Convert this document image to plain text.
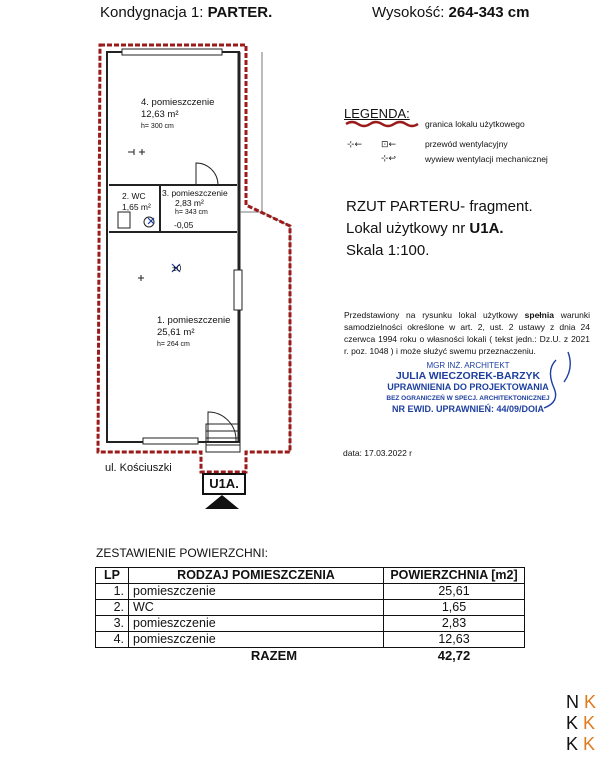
Kondygnacja 1: PARTER.	Wysokość: 264-343 cm
⊹← ⊡←
⊹↩
4. pomieszczenie
12,63 m²
h= 300 cm
3. pomieszczenie
2,83 m²
h= 343 cm
2. WC
1,65 m²
-0,05
±0
1. pomieszczenie
25,61 m²
h= 264 cm
ul. Kościuszki
U1A.
LEGENDA:
granica lokalu użytkowego
przewód wentylacyjny
wywiew wentylacji mechanicznej
RZUT PARTERU- fragment.
Lokal użytkowy nr U1A.
Skala 1:100.
Przedstawiony na rysunku lokal użytkowy spełnia warunki samodzielności określone w art. 2, ust. 2 ustawy z dnia 24 czerwca 1994 roku o własności lokali ( tekst jedn.: Dz.U. z 2021 r. poz. 1048 ) i może służyć swemu przeznaczeniu.
MGR INŻ. ARCHITEKT
JULIA WIECZOREK-BARZYK
UPRAWNIENIA DO PROJEKTOWANIA
BEZ OGRANICZEŃ W SPECJ. ARCHITEKTONICZNEJ
NR EWID. UPRAWNIEŃ: 44/09/DOIA
data: 17.03.2022 r
ZESTAWIENIE POWIERZCHNI:
LP	RODZAJ POMIESZCZENIA	POWIERZCHNIA [m2]
1.	pomieszczenie	25,61
2.	WC	1,65
3.	pomieszczenie	2,83
4.	pomieszczenie	12,63
	RAZEM	42,72
N K
K K
K K
